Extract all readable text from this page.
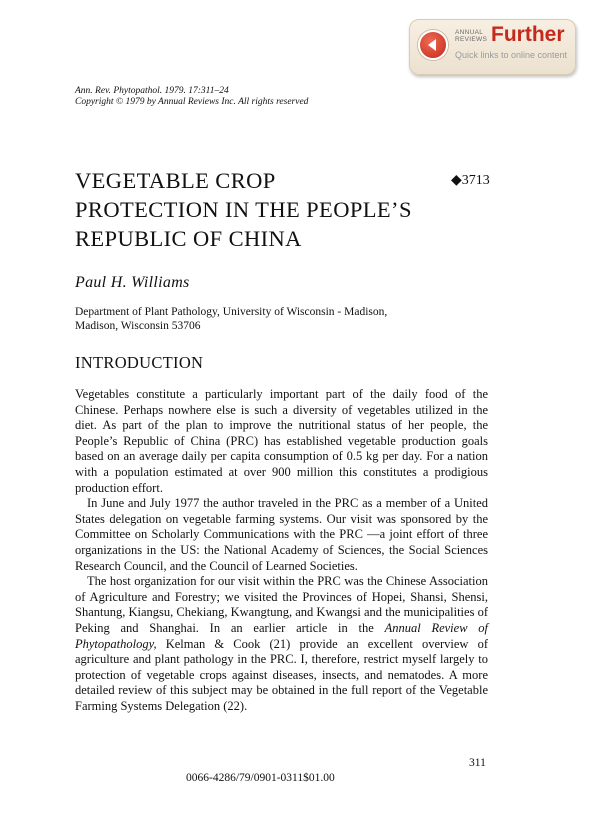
ANNUAL REVIEWS Further
Quick links to online content
Ann. Rev. Phytopathol. 1979. 17:311–24
Copyright © 1979 by Annual Reviews Inc. All rights reserved
VEGETABLE CROP
PROTECTION IN THE PEOPLE’S
REPUBLIC OF CHINA
◆3713
Paul H. Williams
Department of Plant Pathology, University of Wisconsin - Madison,
Madison, Wisconsin 53706
INTRODUCTION

Vegetables constitute a particularly important part of the daily food of the Chinese. Perhaps nowhere else is such a diversity of vegetables utilized in the diet. As part of the plan to improve the nutritional status of her people, the People’s Republic of China (PRC) has established vegetable production goals based on an average daily per capita consumption of 0.5 kg per day. For a nation with a population estimated at over 900 million this constitutes a prodigious production effort.

In June and July 1977 the author traveled in the PRC as a member of a United States delegation on vegetable farming systems. Our visit was sponsored by the Committee on Scholarly Communications with the PRC —a joint effort of three organizations in the US: the National Academy of Sciences, the Social Sciences Research Council, and the Council of Learned Societies.

The host organization for our visit within the PRC was the Chinese Association of Agriculture and Forestry; we visited the Provinces of Hopei, Shansi, Shensi, Shantung, Kiangsu, Chekiang, Kwangtung, and Kwangsi and the municipalities of Peking and Shanghai. In an earlier article in the Annual Review of Phytopathology, Kelman & Cook (21) provide an excellent overview of agriculture and plant pathology in the PRC. I, therefore, restrict myself largely to protection of vegetable crops against diseases, insects, and nematodes. A more detailed review of this subject may be obtained in the full report of the Vegetable Farming Systems Delegation (22).

311
0066-4286/79/0901-0311$01.00
